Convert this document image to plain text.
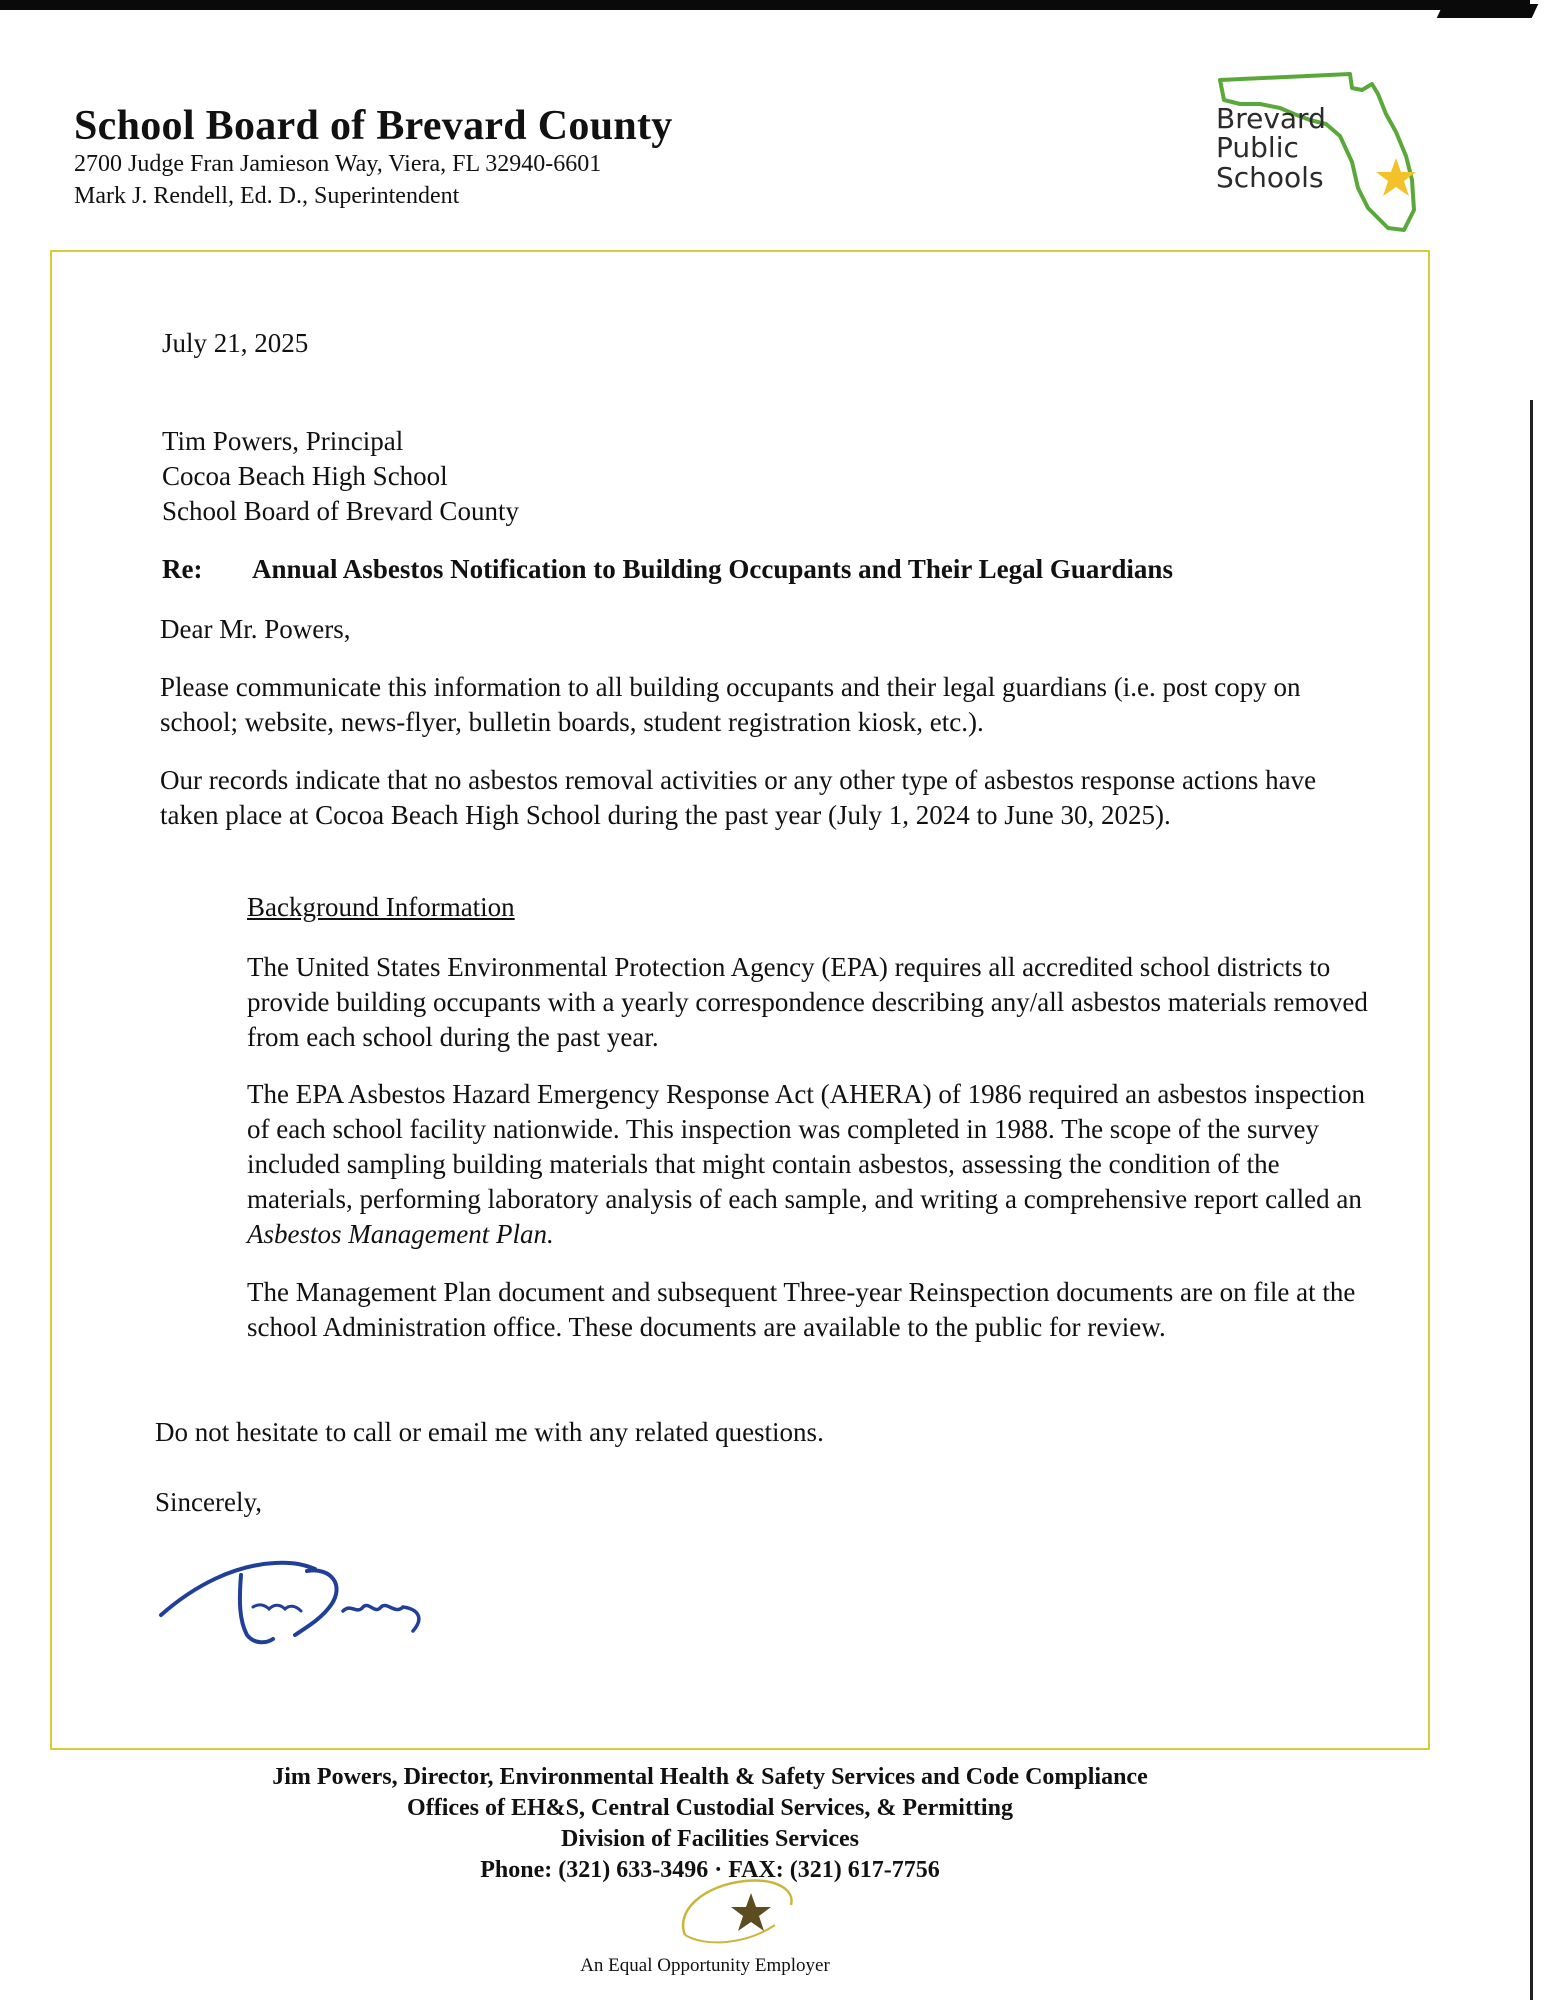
School Board of Brevard County
2700 Judge Fran Jamieson Way, Viera, FL 32940-6601
Mark J. Rendell, Ed. D., Superintendent
Brevard
Public
Schools
July 21, 2025
Tim Powers, Principal
Cocoa Beach High School
School Board of Brevard County
Re: Annual Asbestos Notification to Building Occupants and Their Legal Guardians
Dear Mr. Powers,
Please communicate this information to all building occupants and their legal guardians (i.e. post copy on school; website, news-flyer, bulletin boards, student registration kiosk, etc.).
Our records indicate that no asbestos removal activities or any other type of asbestos response actions have taken place at Cocoa Beach High School during the past year (July 1, 2024 to June 30, 2025).
Background Information
The United States Environmental Protection Agency (EPA) requires all accredited school districts to provide building occupants with a yearly correspondence describing any/all asbestos materials removed from each school during the past year.
The EPA Asbestos Hazard Emergency Response Act (AHERA) of 1986 required an asbestos inspection of each school facility nationwide. This inspection was completed in 1988. The scope of the survey included sampling building materials that might contain asbestos, assessing the condition of the materials, performing laboratory analysis of each sample, and writing a comprehensive report called an Asbestos Management Plan.
The Management Plan document and subsequent Three-year Reinspection documents are on file at the school Administration office. These documents are available to the public for review.
Do not hesitate to call or email me with any related questions.
Sincerely,
Jim Powers, Director, Environmental Health & Safety Services and Code Compliance
Offices of EH&S, Central Custodial Services, & Permitting
Division of Facilities Services
Phone: (321) 633-3496 · FAX: (321) 617-7756
An Equal Opportunity Employer
